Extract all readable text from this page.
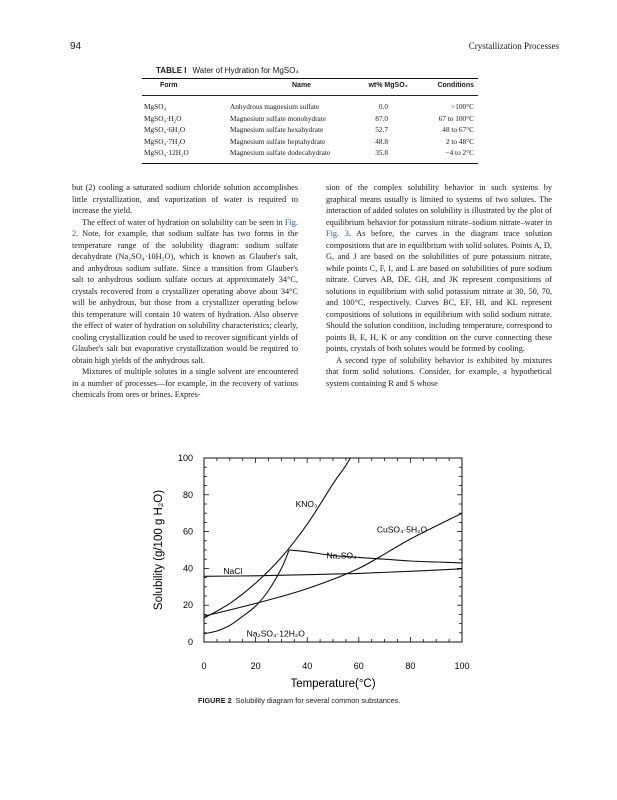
94	Crystallization Processes
TABLE I Water of Hydration for MgSO₄
Form	Name	wt% MgSO₄	Conditions
MgSO₄	Anhydrous magnesium sulfate	0.0	>100°C
MgSO₄·H₂O	Magnesium sulfate monohydrate	87.0	67 to 100°C
MgSO₄·6H₂O	Magnesium sulfate hexahydrate	52.7	48 to 67°C
MgSO₄·7H₂O	Magnesium sulfate heptahydrate	48.8	2 to 48°C
MgSO₄·12H₂O	Magnesium sulfate dodecahydrate	35.8	−4 to 2°C

but (2) cooling a saturated sodium chloride solution accomplishes little crystallization, and vaporization of water is required to increase the yield.

The effect of water of hydration on solubility can be seen in Fig. 2. Note, for example, that sodium sulfate has two forms in the temperature range of the solubility diagram: sodium sulfate decahydrate (Na₂SO₄·10H₂O), which is known as Glauber's salt, and anhydrous sodium sulfate. Since a transition from Glauber's salt to anhydrous sodium sulfate occurs at approximately 34°C, crystals recovered from a crystallizer operating above about 34°C will be anhydrous, but those from a crystallizer operating below this temperature will contain 10 waters of hydration. Also observe the effect of water of hydration on solubility characteristics; clearly, cooling crystallization could be used to recover significant yields of Glauber's salt but evaporative crystallization would be required to obtain high yields of the anhydrous salt.

Mixtures of multiple solutes in a single solvent are encountered in a number of processes—for example, in the recovery of various chemicals from ores or brines. Expres-

sion of the complex solubility behavior in such systems by graphical means usually is limited to systems of two solutes. The interaction of added solutes on solubility is illustrated by the plot of equilibrium behavior for potassium nitrate–sodium nitrate–water in Fig. 3. As before, the curves in the diagram trace solution compositions that are in equilibrium with solid solutes. Points A, D, G, and J are based on the solubilities of pure potassium nitrate, while points C, F, I, and L are based on solubilities of pure sodium nitrate. Curves AB, DE, GH, and JK represent compositions of solutions in equilibrium with solid potassium nitrate at 30, 50, 70, and 100°C, respectively. Curves BC, EF, HI, and KL represent compositions of solutions in equilibrium with solid sodium nitrate. Should the solution condition, including temperature, correspond to points B, E, H, K or any condition on the curve connecting these points, crystals of both solutes would be formed by cooling.

A second type of solubility behavior is exhibited by mixtures that form solid solutions. Consider, for example, a hypothetical system containing R and S whose

0	20	40	60	80	100
0
20
40
60
80
100
Temperature(°C)
Solubility (g/100 g H₂O)	KNO₃
CuSO₄·5H₂O
Na₂SO₄
NaCl
Na₂SO₄·12H₂O
FIGURE 2 Solubility diagram for several common substances.
